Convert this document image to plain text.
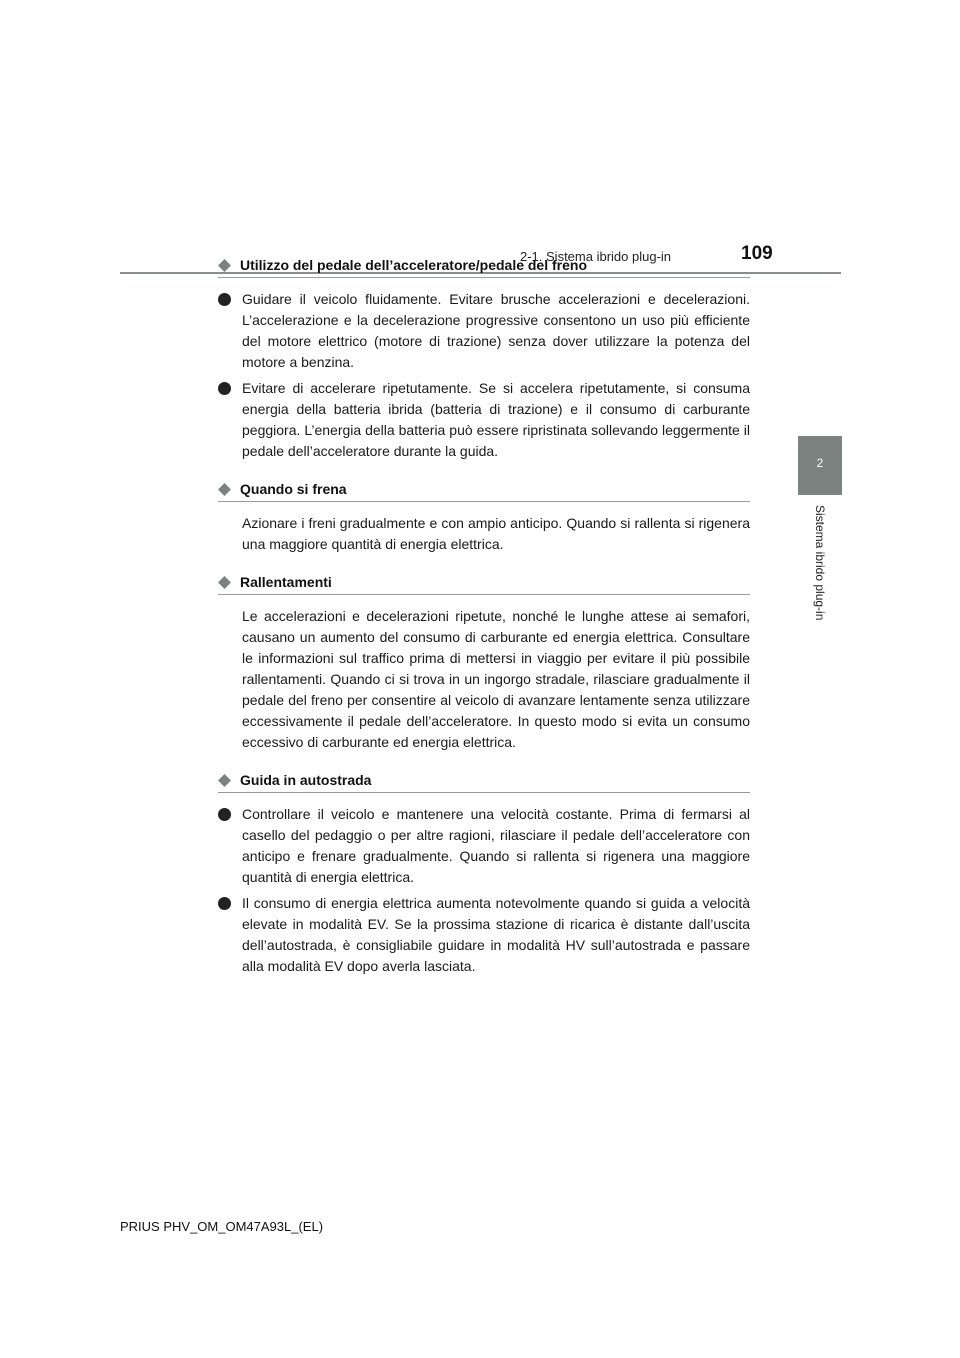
2-1. Sistema ibrido plug-in	109
2
Sistema ibrido plug-in
Utilizzo del pedale dell’acceleratore/pedale del freno
Guidare il veicolo fluidamente. Evitare brusche accelerazioni e decelerazioni. L’accelerazione e la decelerazione progressive consentono un uso più efficiente del motore elettrico (motore di trazione) senza dover utilizzare la potenza del motore a benzina.
Evitare di accelerare ripetutamente. Se si accelera ripetutamente, si consuma energia della batteria ibrida (batteria di trazione) e il consumo di carburante peggiora. L’energia della batteria può essere ripristinata sollevando leggermente il pedale dell’acceleratore durante la guida.
Quando si frena
Azionare i freni gradualmente e con ampio anticipo. Quando si rallenta si rigenera una maggiore quantità di energia elettrica.
Rallentamenti
Le accelerazioni e decelerazioni ripetute, nonché le lunghe attese ai semafori, causano un aumento del consumo di carburante ed energia elettrica. Consultare le informazioni sul traffico prima di mettersi in viaggio per evitare il più possibile rallentamenti. Quando ci si trova in un ingorgo stradale, rilasciare gradualmente il pedale del freno per consentire al veicolo di avanzare lentamente senza utilizzare eccessivamente il pedale dell’acceleratore. In questo modo si evita un consumo eccessivo di carburante ed energia elettrica.
Guida in autostrada
Controllare il veicolo e mantenere una velocità costante. Prima di fermarsi al casello del pedaggio o per altre ragioni, rilasciare il pedale dell’acceleratore con anticipo e frenare gradualmente. Quando si rallenta si rigenera una maggiore quantità di energia elettrica.
Il consumo di energia elettrica aumenta notevolmente quando si guida a velocità elevate in modalità EV. Se la prossima stazione di ricarica è distante dall’uscita dell’autostrada, è consigliabile guidare in modalità HV sull’autostrada e passare alla modalità EV dopo averla lasciata.
PRIUS PHV_OM_OM47A93L_(EL)
